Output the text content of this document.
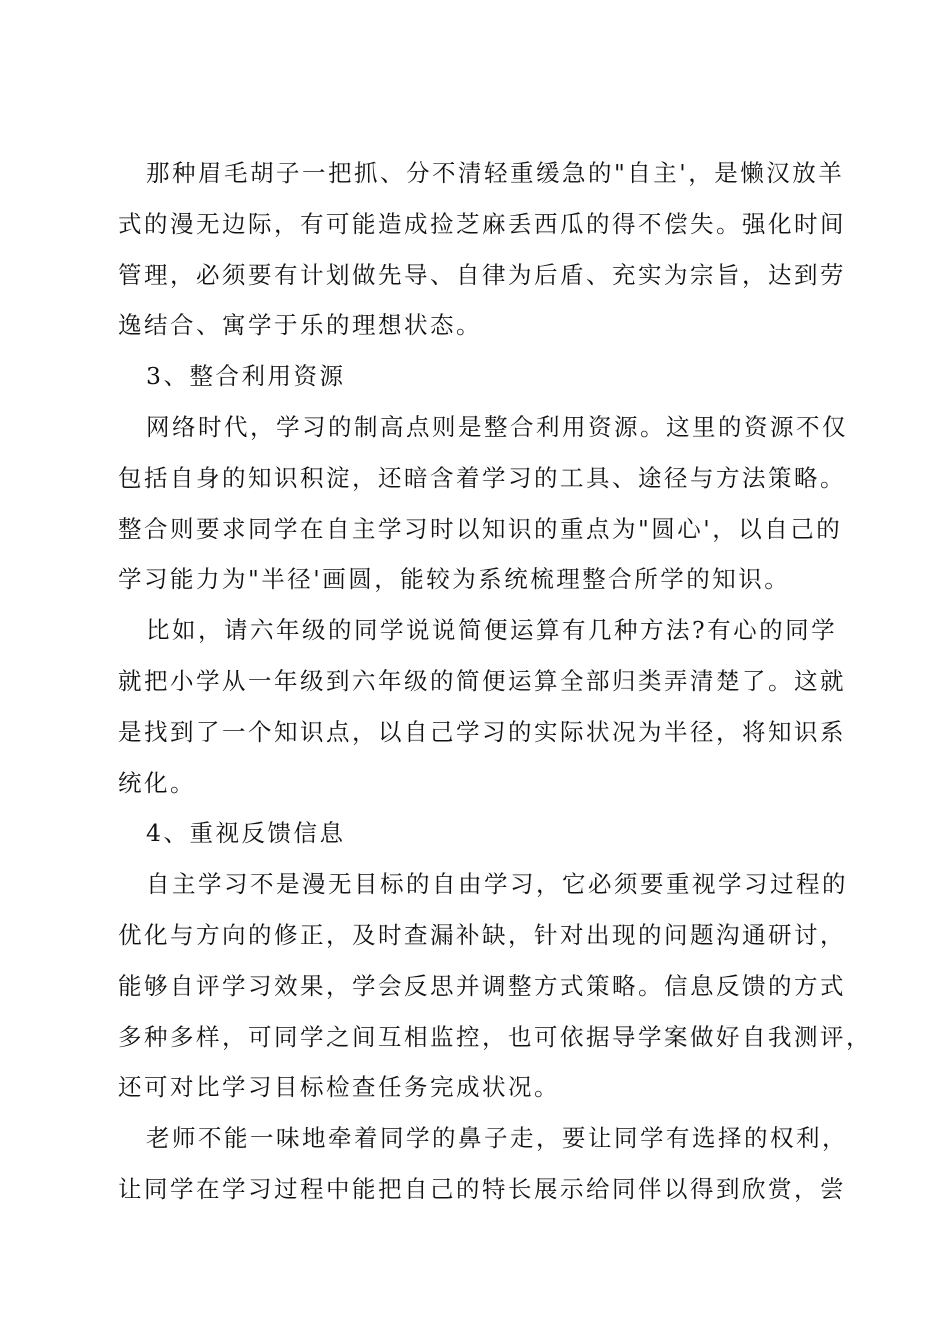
那种眉毛胡子一把抓、分不清轻重缓急的"自主'，是懒汉放羊
式的漫无边际，有可能造成捡芝麻丢西瓜的得不偿失。强化时间
管理，必须要有计划做先导、自律为后盾、充实为宗旨，达到劳
逸结合、寓学于乐的理想状态。
3、整合利用资源
网络时代，学习的制高点则是整合利用资源。这里的资源不仅
包括自身的知识积淀，还暗含着学习的工具、途径与方法策略。
整合则要求同学在自主学习时以知识的重点为"圆心'，以自己的
学习能力为"半径'画圆，能较为系统梳理整合所学的知识。
比如，请六年级的同学说说简便运算有几种方法?有心的同学
就把小学从一年级到六年级的简便运算全部归类弄清楚了。这就
是找到了一个知识点，以自己学习的实际状况为半径，将知识系
统化。
4、重视反馈信息
自主学习不是漫无目标的自由学习，它必须要重视学习过程的
优化与方向的修正，及时查漏补缺，针对出现的问题沟通研讨，
能够自评学习效果，学会反思并调整方式策略。信息反馈的方式
多种多样，可同学之间互相监控，也可依据导学案做好自我测评，
还可对比学习目标检查任务完成状况。
老师不能一味地牵着同学的鼻子走，要让同学有选择的权利，
让同学在学习过程中能把自己的特长展示给同伴以得到欣赏，尝
